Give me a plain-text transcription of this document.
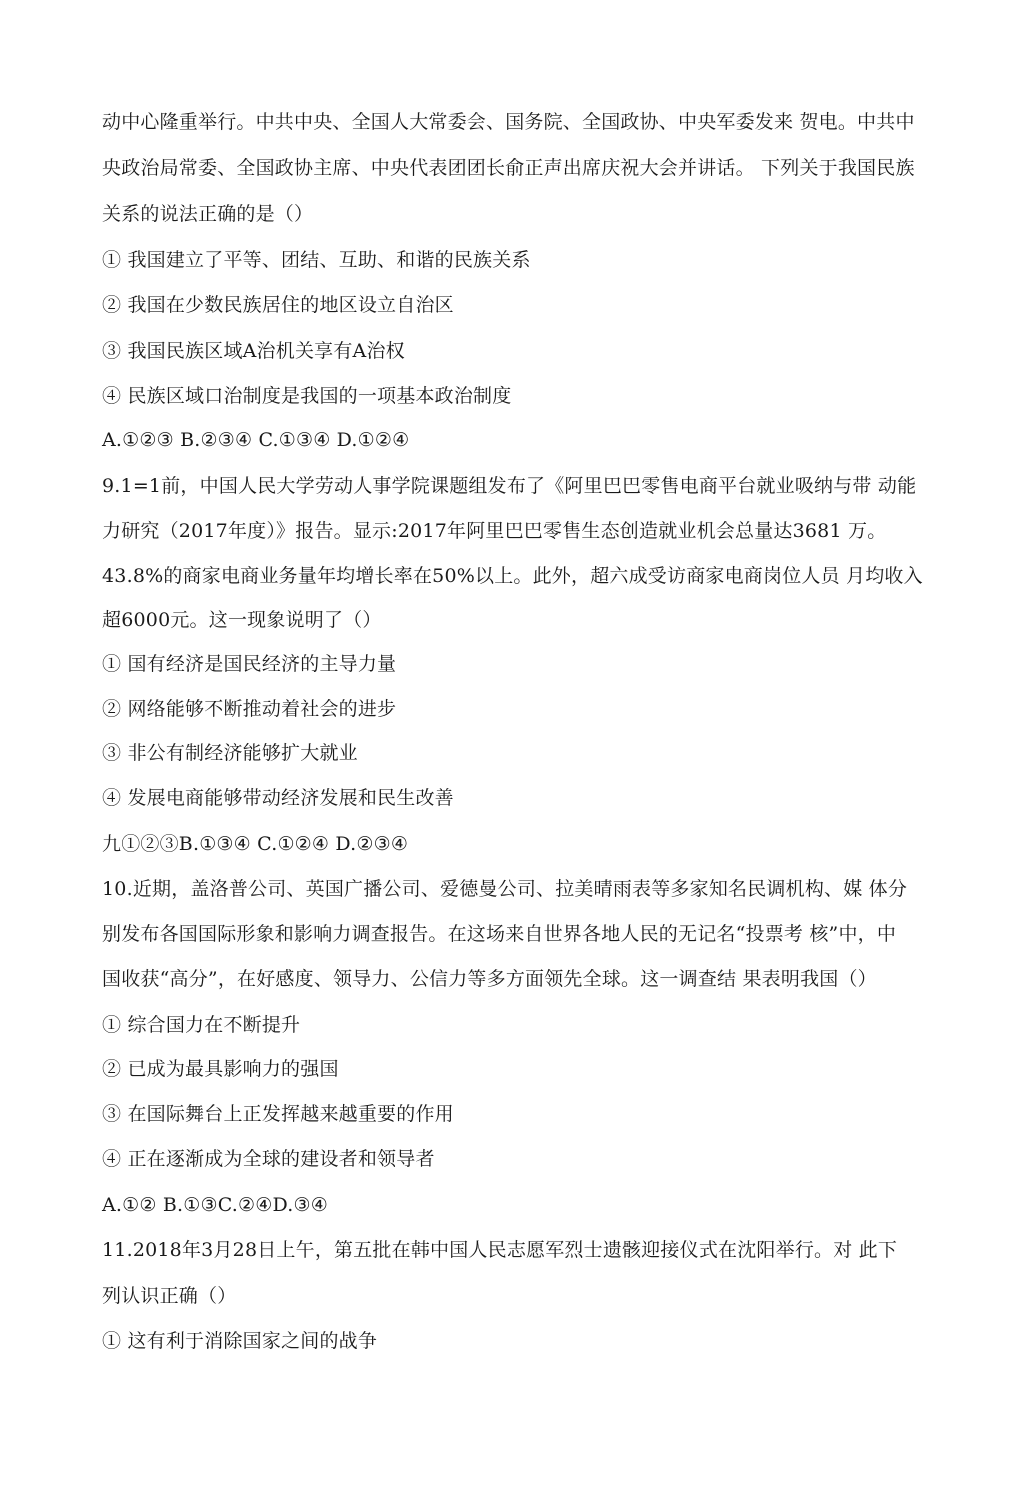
动中心隆重举行。中共中央、全国人大常委会、国务院、全国政协、中央军委发来 贺电。中共中
央政治局常委、全国政协主席、中央代表团团长俞正声出席庆祝大会并讲话。 下列关于我国民族
关系的说法正确的是（）
① 我国建立了平等、团结、互助、和谐的民族关系
② 我国在少数民族居住的地区设立自治区
③ 我国民族区域A治机关享有A治权
④ 民族区域口治制度是我国的一项基本政治制度
A.①②③ B.②③④ C.①③④ D.①②④
9.1=1前，中国人民大学劳动人事学院课题组发布了《阿里巴巴零售电商平台就业吸纳与带 动能
力研究（2017年度）》报告。显示:2017年阿里巴巴零售生态创造就业机会总量达3681 万。
43.8%的商家电商业务量年均增长率在50%以上。此外，超六成受访商家电商岗位人员 月均收入
超6000元。这一现象说明了（）
① 国有经济是国民经济的主导力量
② 网络能够不断推动着社会的进步
③ 非公有制经济能够扩大就业
④ 发展电商能够带动经济发展和民生改善
九①②③B.①③④ C.①②④ D.②③④
10.近期，盖洛普公司、英国广播公司、爱德曼公司、拉美晴雨表等多家知名民调机构、媒 体分
别发布各国国际形象和影响力调查报告。在这场来自世界各地人民的无记名“投票考 核”中，中
国收获“高分”，在好感度、领导力、公信力等多方面领先全球。这一调查结 果表明我国（）
① 综合国力在不断提升
② 已成为最具影响力的强国
③ 在国际舞台上正发挥越来越重要的作用
④ 正在逐渐成为全球的建设者和领导者
A.①② B.①③C.②④D.③④
11.2018年3月28日上午，第五批在韩中国人民志愿军烈士遗骸迎接仪式在沈阳举行。对 此下
列认识正确（）
① 这有利于消除国家之间的战争
